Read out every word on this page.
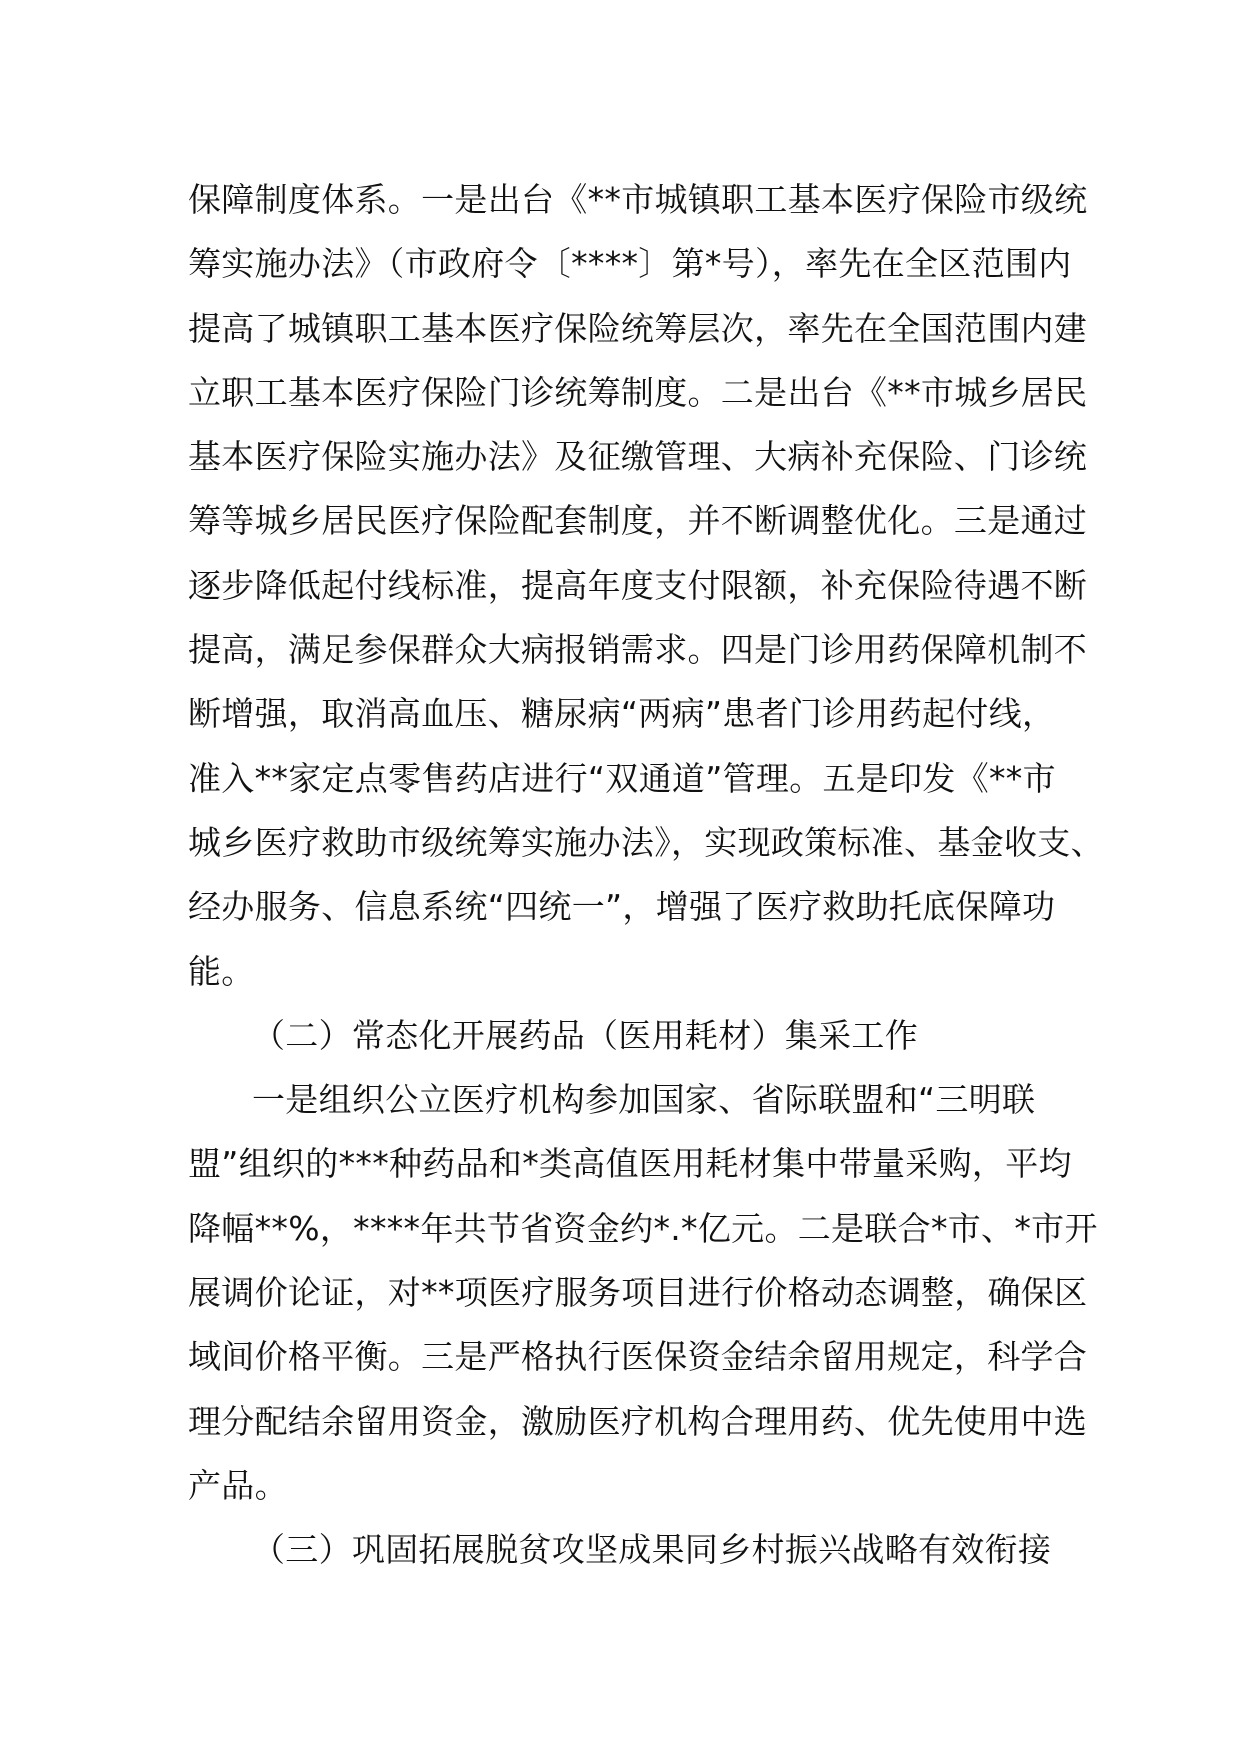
保障制度体系。一是出台《**市城镇职工基本医疗保险市级统
筹实施办法》（市政府令〔****〕第*号），率先在全区范围内
提高了城镇职工基本医疗保险统筹层次，率先在全国范围内建
立职工基本医疗保险门诊统筹制度。二是出台《**市城乡居民
基本医疗保险实施办法》及征缴管理、大病补充保险、门诊统
筹等城乡居民医疗保险配套制度，并不断调整优化。三是通过
逐步降低起付线标准，提高年度支付限额，补充保险待遇不断
提高，满足参保群众大病报销需求。四是门诊用药保障机制不
断增强，取消高血压、糖尿病“两病”患者门诊用药起付线，
准入**家定点零售药店进行“双通道”管理。五是印发《**市
城乡医疗救助市级统筹实施办法》，实现政策标准、基金收支、
经办服务、信息系统“四统一”，增强了医疗救助托底保障功
能。
（二）常态化开展药品（医用耗材）集采工作
一是组织公立医疗机构参加国家、省际联盟和“三明联
盟”组织的***种药品和*类高值医用耗材集中带量采购，平均
降幅**%，****年共节省资金约*.*亿元。二是联合*市、*市开
展调价论证，对**项医疗服务项目进行价格动态调整，确保区
域间价格平衡。三是严格执行医保资金结余留用规定，科学合
理分配结余留用资金，激励医疗机构合理用药、优先使用中选
产品。
（三）巩固拓展脱贫攻坚成果同乡村振兴战略有效衔接
